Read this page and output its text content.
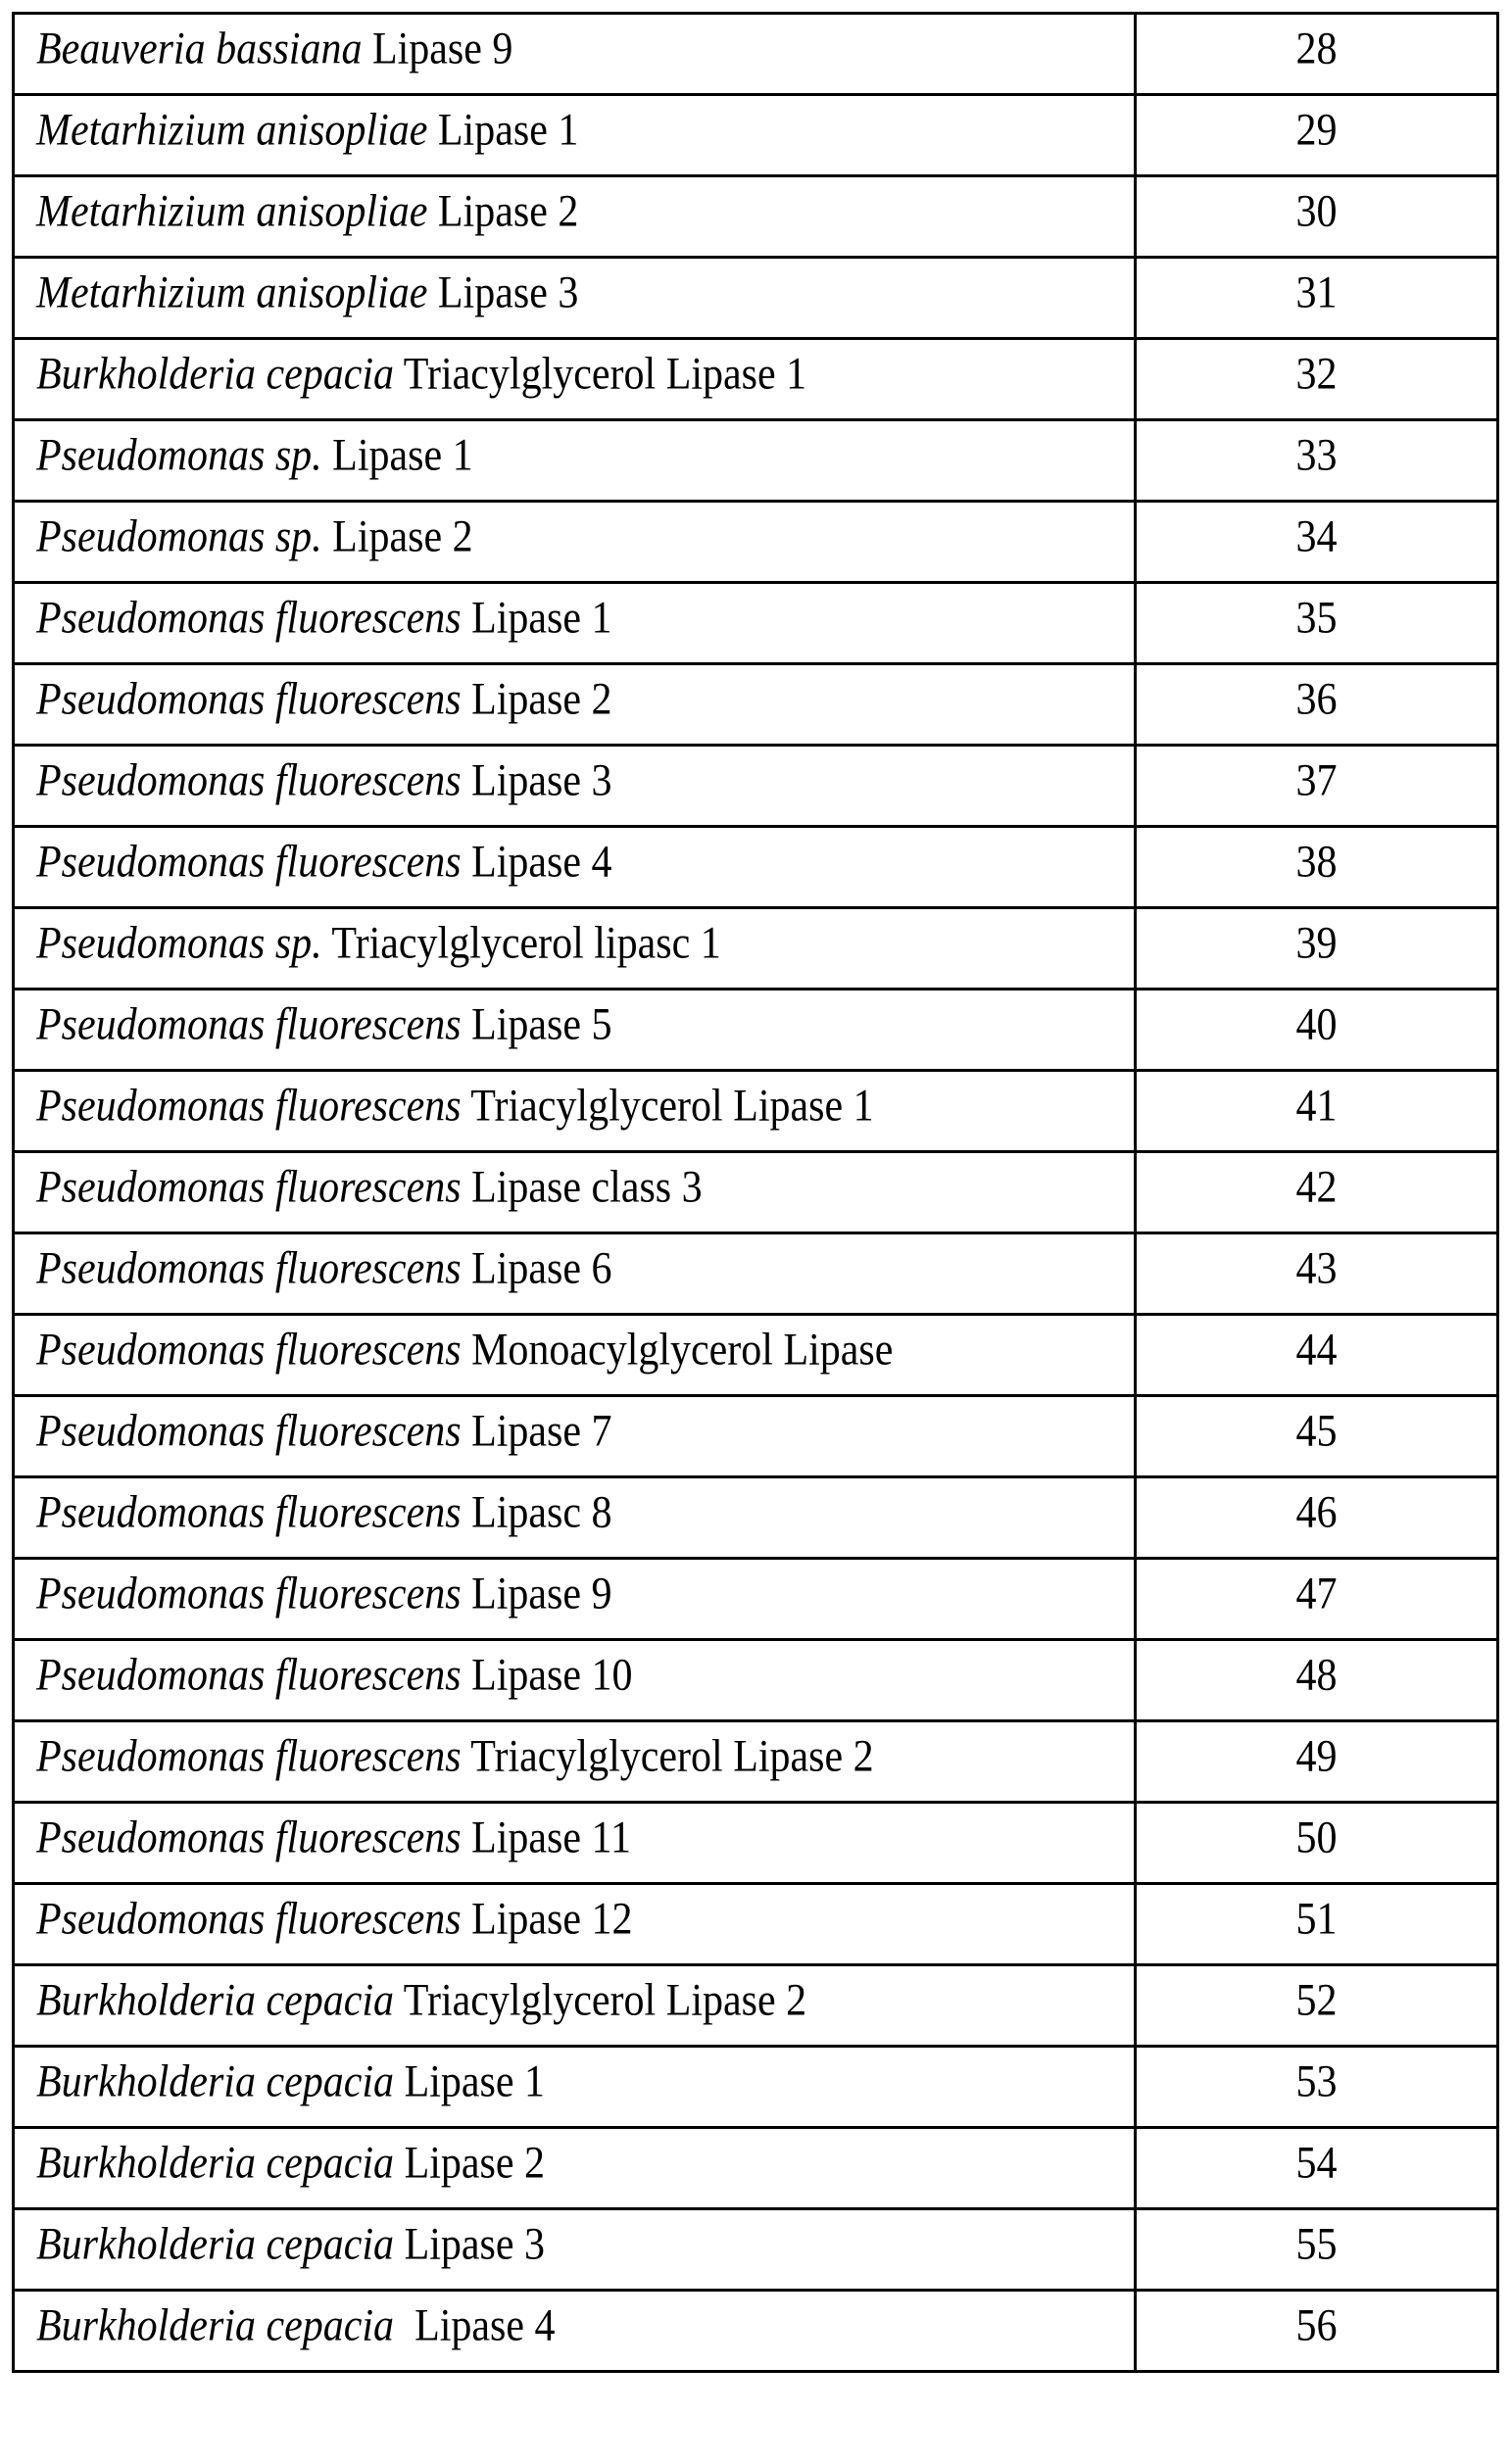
Beauveria bassiana Lipase 9	28
Metarhizium anisopliae Lipase 1	29
Metarhizium anisopliae Lipase 2	30
Metarhizium anisopliae Lipase 3	31
Burkholderia cepacia Triacylglycerol Lipase 1	32
Pseudomonas sp. Lipase 1	33
Pseudomonas sp. Lipase 2	34
Pseudomonas fluorescens Lipase 1	35
Pseudomonas fluorescens Lipase 2	36
Pseudomonas fluorescens Lipase 3	37
Pseudomonas fluorescens Lipase 4	38
Pseudomonas sp. Triacylglycerol lipasc 1	39
Pseudomonas fluorescens Lipase 5	40
Pseudomonas fluorescens Triacylglycerol Lipase 1	41
Pseudomonas fluorescens Lipase class 3	42
Pseudomonas fluorescens Lipase 6	43
Pseudomonas fluorescens Monoacylglycerol Lipase	44
Pseudomonas fluorescens Lipase 7	45
Pseudomonas fluorescens Lipasc 8	46
Pseudomonas fluorescens Lipase 9	47
Pseudomonas fluorescens Lipase 10	48
Pseudomonas fluorescens Triacylglycerol Lipase 2	49
Pseudomonas fluorescens Lipase 11	50
Pseudomonas fluorescens Lipase 12	51
Burkholderia cepacia Triacylglycerol Lipase 2	52
Burkholderia cepacia Lipase 1	53
Burkholderia cepacia Lipase 2	54
Burkholderia cepacia Lipase 3	55
Burkholderia cepacia  Lipase 4	56
